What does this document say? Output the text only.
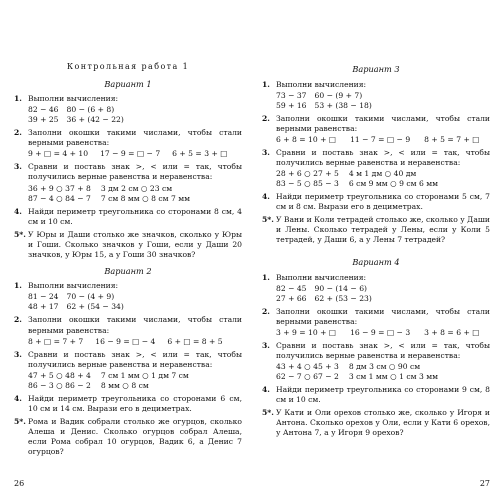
Контрольная работа 1
Вариант 1
1. Выполни вычисления:
82 − 46 80 − (6 + 8)
39 + 25 36 + (42 − 22)
2. Заполни окошки такими числами, чтобы стали верными равенства:
9 + □ = 4 + 10 17 − 9 = □ − 7 6 + 5 = 3 + □
3. Сравни и поставь знак >, < или = так, чтобы получились верные равенства и неравенства:
36 + 9 ○ 37 + 8 3 дм 2 см ○ 23 см
87 − 4 ○ 84 − 7 7 см 8 мм ○ 8 см 7 мм
4. Найди периметр треугольника со сторонами 8 см, 4 см и 10 см.
5*. У Юры и Даши столько же значков, сколько у Юры и Гоши. Сколько значков у Гоши, если у Даши 20 значков, у Юры 15, а у Гоши 30 значков?
Вариант 2
1. Выполни вычисления:
81 − 24 70 − (4 + 9)
48 + 17 62 + (54 − 34)
2. Заполни окошки такими числами, чтобы стали верными равенства:
8 + □ = 7 + 7 16 − 9 = □ − 4 6 + □ = 8 + 5
3. Сравни и поставь знак >, < или = так, чтобы получились верные равенства и неравенства:
47 + 5 ○ 48 + 4 7 см 1 мм ○ 1 дм 7 см
86 − 3 ○ 86 − 2 8 мм ○ 8 см
4. Найди периметр треугольника со сторонами 6 см, 10 см и 14 см. Вырази его в дециметрах.
5*. Рома и Вадик собрали столько же огурцов, сколько Алеша и Денис. Сколько огурцов собрал Алеша, если Рома собрал 10 огурцов, Вадик 6, а Денис 7 огурцов?
26
Вариант 3
1. Выполни вычисления:
73 − 37 60 − (9 + 7)
59 + 16 53 + (38 − 18)
2. Заполни окошки такими числами, чтобы стали верными равенства:
6 + 8 = 10 + □ 11 − 7 = □ − 9 8 + 5 = 7 + □
3. Сравни и поставь знак >, < или = так, чтобы получились верные равенства и неравенства:
28 + 6 ○ 27 + 5 4 м 1 дм ○ 40 дм
83 − 5 ○ 85 − 3 6 см 9 мм ○ 9 см 6 мм
4. Найди периметр треугольника со сторонами 5 см, 7 см и 8 см. Вырази его в дециметрах.
5*. У Вани и Коли тетрадей столько же, сколько у Даши и Лены. Сколько тетрадей у Лены, если у Коли 5 тетрадей, у Даши 6, а у Лены 7 тетрадей?
Вариант 4
1. Выполни вычисления:
82 − 45 90 − (14 − 6)
27 + 66 62 + (53 − 23)
2. Заполни окошки такими числами, чтобы стали верными равенства:
3 + 9 = 10 + □ 16 − 9 = □ − 3 3 + 8 = 6 + □
3. Сравни и поставь знак >, < или = так, чтобы получились верные равенства и неравенства:
43 + 4 ○ 45 + 3 8 дм 3 см ○ 90 см
62 − 7 ○ 67 − 2 3 см 1 мм ○ 1 см 3 мм
4. Найди периметр треугольника со сторонами 9 см, 8 см и 10 см.
5*. У Кати и Оли орехов столько же, сколько у Игоря и Антона. Сколько орехов у Оли, если у Кати 6 орехов, у Антона 7, а у Игоря 9 орехов?
27
